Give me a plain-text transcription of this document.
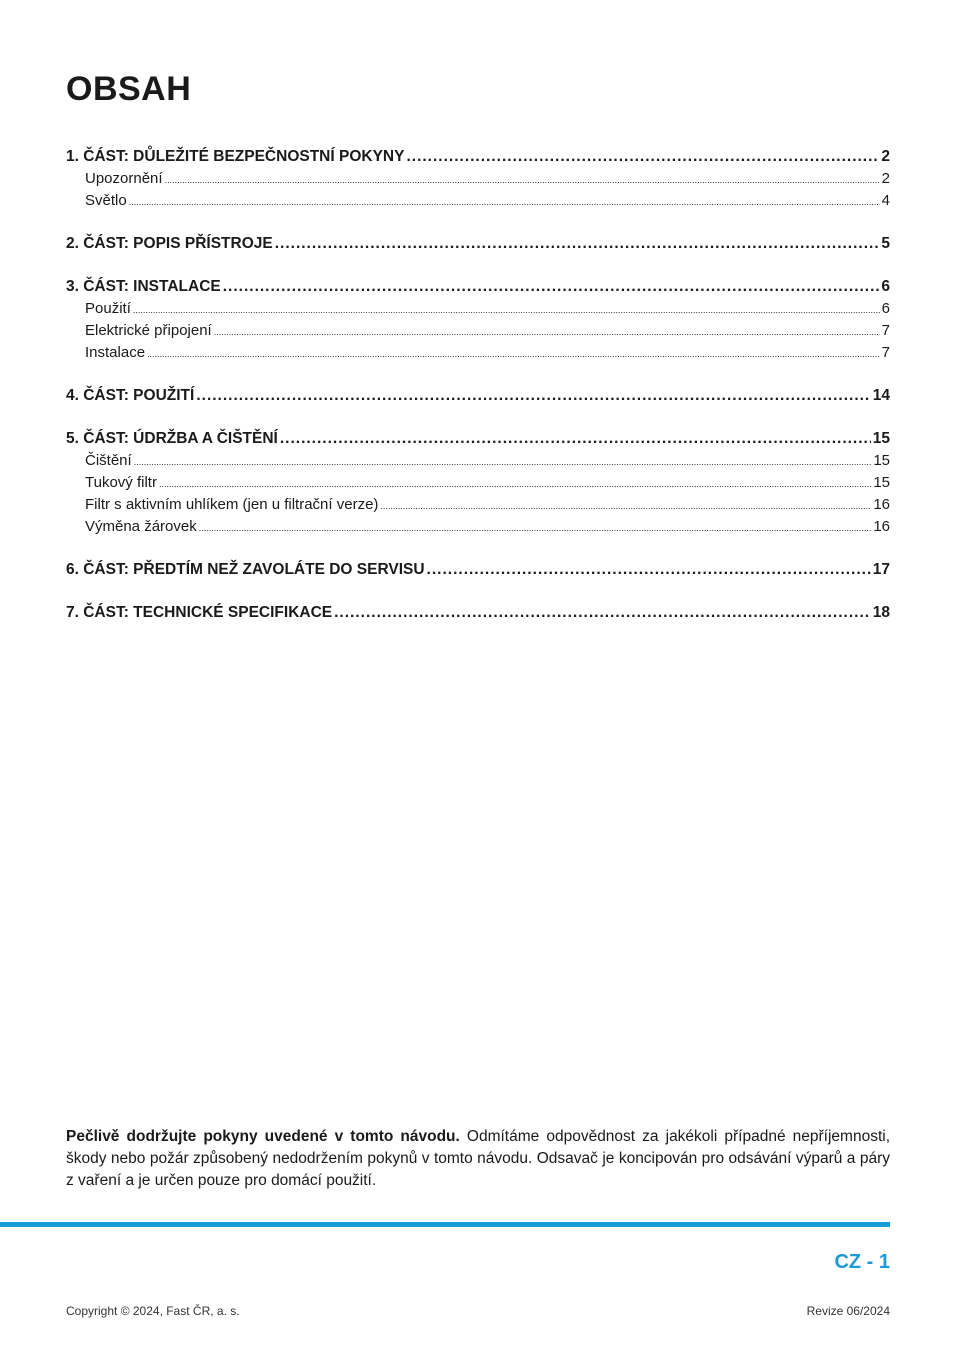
OBSAH
1. ČÁST: DŮLEŽITÉ BEZPEČNOSTNÍ POKYNY .....	2
Upozornění .....	2
Světlo .....	4
2. ČÁST: POPIS PŘÍSTROJE .....	5
3. ČÁST: INSTALACE .....	6
Použití .....	6
Elektrické připojení .....	7
Instalace .....	7
4. ČÁST: POUŽITÍ .....	14
5. ČÁST: ÚDRŽBA A ČIŠTĚNÍ .....	15
Čištění .....	15
Tukový filtr .....	15
Filtr s aktivním uhlíkem (jen u filtrační verze) .....	16
Výměna žárovek .....	16
6. ČÁST: PŘEDTÍM NEŽ ZAVOLÁTE DO SERVISU .....	17
7. ČÁST: TECHNICKÉ SPECIFIKACE .....	18

Pečlivě dodržujte pokyny uvedené v tomto návodu. Odmítáme odpovědnost za jakékoli případné nepříjemnosti, škody nebo požár způsobený nedodržením pokynů v tomto návodu. Odsavač je koncipován pro odsávání výparů a páry z vaření a je určen pouze pro domácí použití.

CZ - 1
Copyright © 2024, Fast ČR, a. s.	Revize 06/2024
